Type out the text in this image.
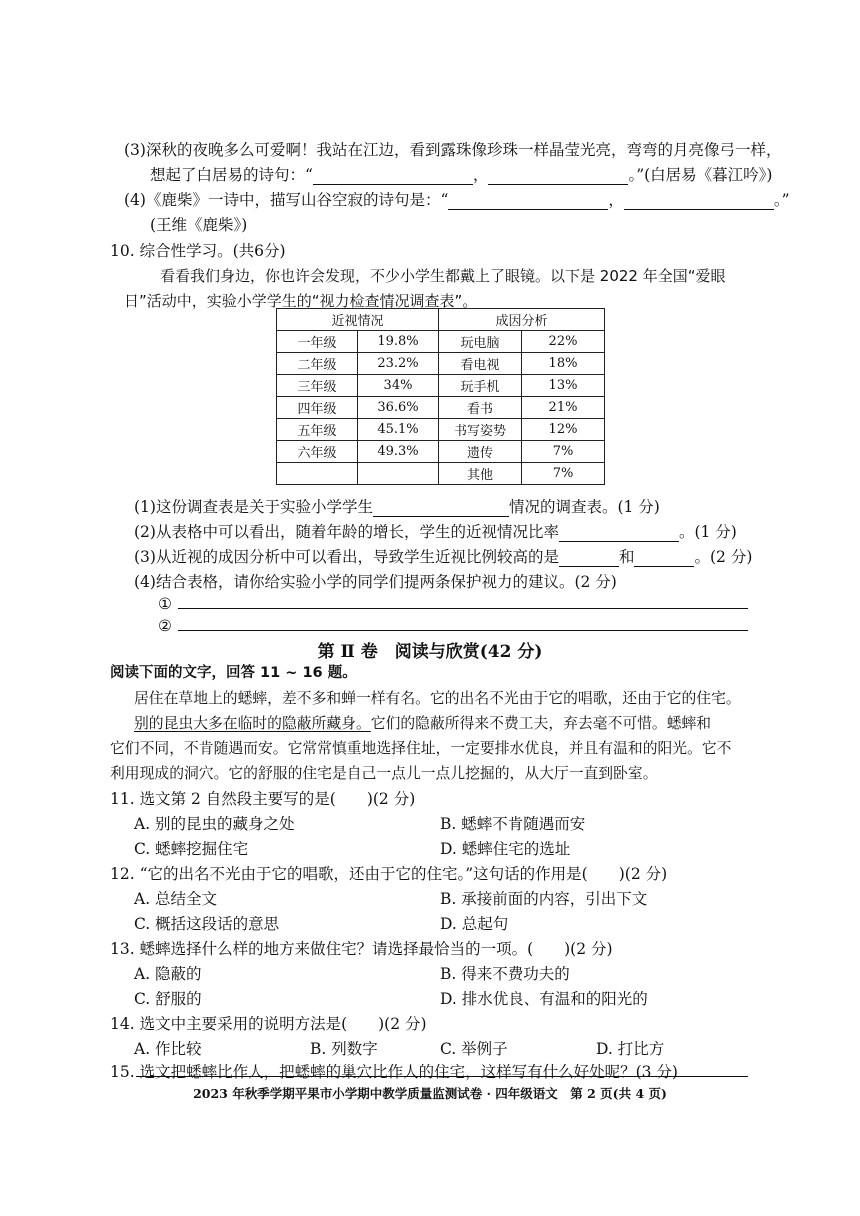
(3)深秋的夜晚多么可爱啊！我站在江边，看到露珠像珍珠一样晶莹光亮，弯弯的月亮像弓一样，
想起了白居易的诗句：“	，	。”(白居易《暮江吟》)
(4)《鹿柴》一诗中，描写山谷空寂的诗句是：“	，	。”
(王维《鹿柴》)
10. 综合性学习。(共6分)
看看我们身边，你也许会发现，不少小学生都戴上了眼镜。以下是 2022 年全国“爱眼
日”活动中，实验小学学生的“视力检查情况调查表”。
近视情况		成因分析	
一年级	19.8%	玩电脑	22%
二年级	23.2%	看电视	18%
三年级	34%	玩手机	13%
四年级	36.6%	看书	21%
五年级	45.1%	书写姿势	12%
六年级	49.3%	遗传	7%
		其他	7%
(1)这份调查表是关于实验小学学生	情况的调查表。(1 分)
(2)从表格中可以看出，随着年龄的增长，学生的近视情况比率	。(1 分)
(3)从近视的成因分析中可以看出，导致学生近视比例较高的是	和	。(2 分)
(4)结合表格，请你给实验小学的同学们提两条保护视力的建议。(2 分)
①
②
第 Ⅱ 卷　阅读与欣赏(42 分)
阅读下面的文字，回答 11 ~ 16 题。
居住在草地上的蟋蟀，差不多和蝉一样有名。它的出名不光由于它的唱歌，还由于它的住宅。
别的昆虫大多在临时的隐蔽所藏身。它们的隐蔽所得来不费工夫，弃去毫不可惜。蟋蟀和
它们不同，不肯随遇而安。它常常慎重地选择住址，一定要排水优良，并且有温和的阳光。它不
利用现成的洞穴。它的舒服的住宅是自己一点儿一点儿挖掘的，从大厅一直到卧室。
11. 选文第 2 自然段主要写的是(　　)(2 分)
A. 别的昆虫的藏身之处	B. 蟋蟀不肯随遇而安
C. 蟋蟀挖掘住宅	D. 蟋蟀住宅的选址
12. “它的出名不光由于它的唱歌，还由于它的住宅。”这句话的作用是(　　)(2 分)
A. 总结全文	B. 承接前面的内容，引出下文
C. 概括这段话的意思	D. 总起句
13. 蟋蟀选择什么样的地方来做住宅？请选择最恰当的一项。(　　)(2 分)
A. 隐蔽的	B. 得来不费功夫的
C. 舒服的	D. 排水优良、有温和的阳光的
14. 选文中主要采用的说明方法是(　　)(2 分)
A. 作比较	B. 列数字	C. 举例子	D. 打比方
15. 选文把蟋蟀比作人，把蟋蟀的巢穴比作人的住宅，这样写有什么好处呢？(3 分)
2023 年秋季学期平果市小学期中教学质量监测试卷 · 四年级语文　第 2 页(共 4 页)
